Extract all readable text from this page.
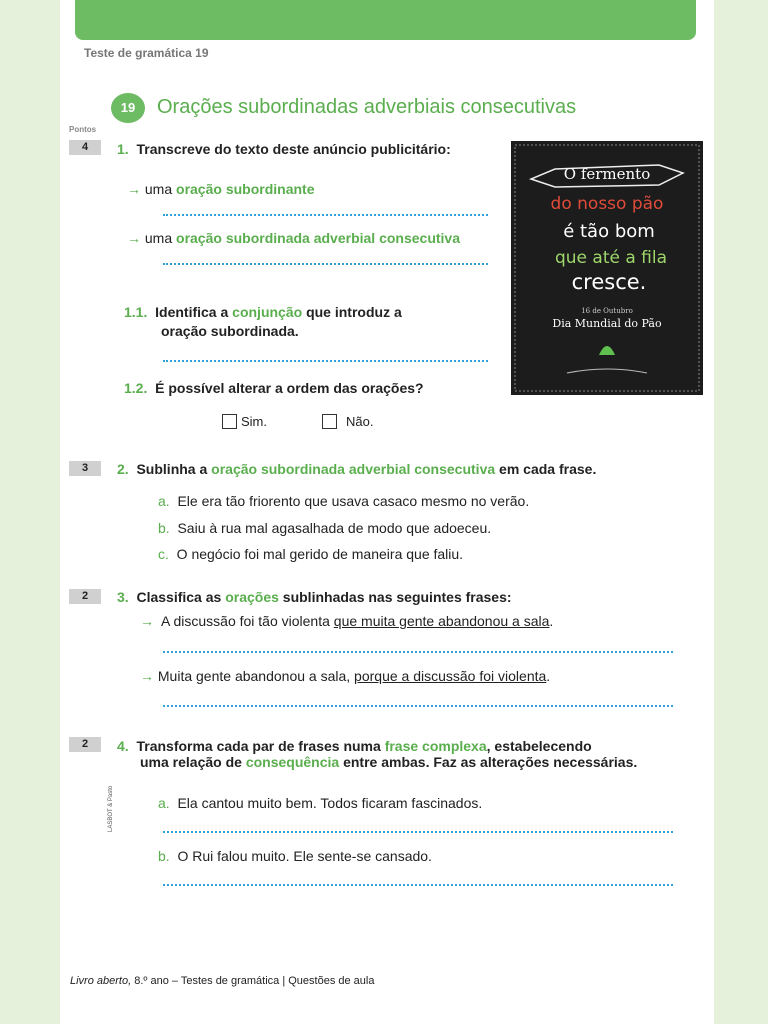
Teste de gramática 19
19	Orações subordinadas adverbiais consecutivas
Pontos
4	1. Transcreve do texto deste anúncio publicitário:
→ uma oração subordinante
→ uma oração subordinada adverbial consecutiva
1.1. Identifica a conjunção que introduz a
oração subordinada.
1.2. É possível alterar a ordem das orações?
Sim.	Não.
O fermento
do nosso pão
é tão bom
que até a fila
cresce.
16 de Outubro
Dia Mundial do Pão
3	2. Sublinha a oração subordinada adverbial consecutiva em cada frase.
a. Ele era tão friorento que usava casaco mesmo no verão.
b. Saiu à rua mal agasalhada de modo que adoeceu.
c. O negócio foi mal gerido de maneira que faliu.
2	3. Classifica as orações sublinhadas nas seguintes frases:
→ A discussão foi tão violenta que muita gente abandonou a sala.
→ Muita gente abandonou a sala, porque a discussão foi violenta.
2	4. Transforma cada par de frases numa frase complexa, estabelecendo
uma relação de consequência entre ambas. Faz as alterações necessárias.
a. Ela cantou muito bem. Todos ficaram fascinados.
b. O Rui falou muito. Ele sente-se cansado.
LASBOT & Pasto
Livro aberto, 8.º ano – Testes de gramática | Questões de aula
